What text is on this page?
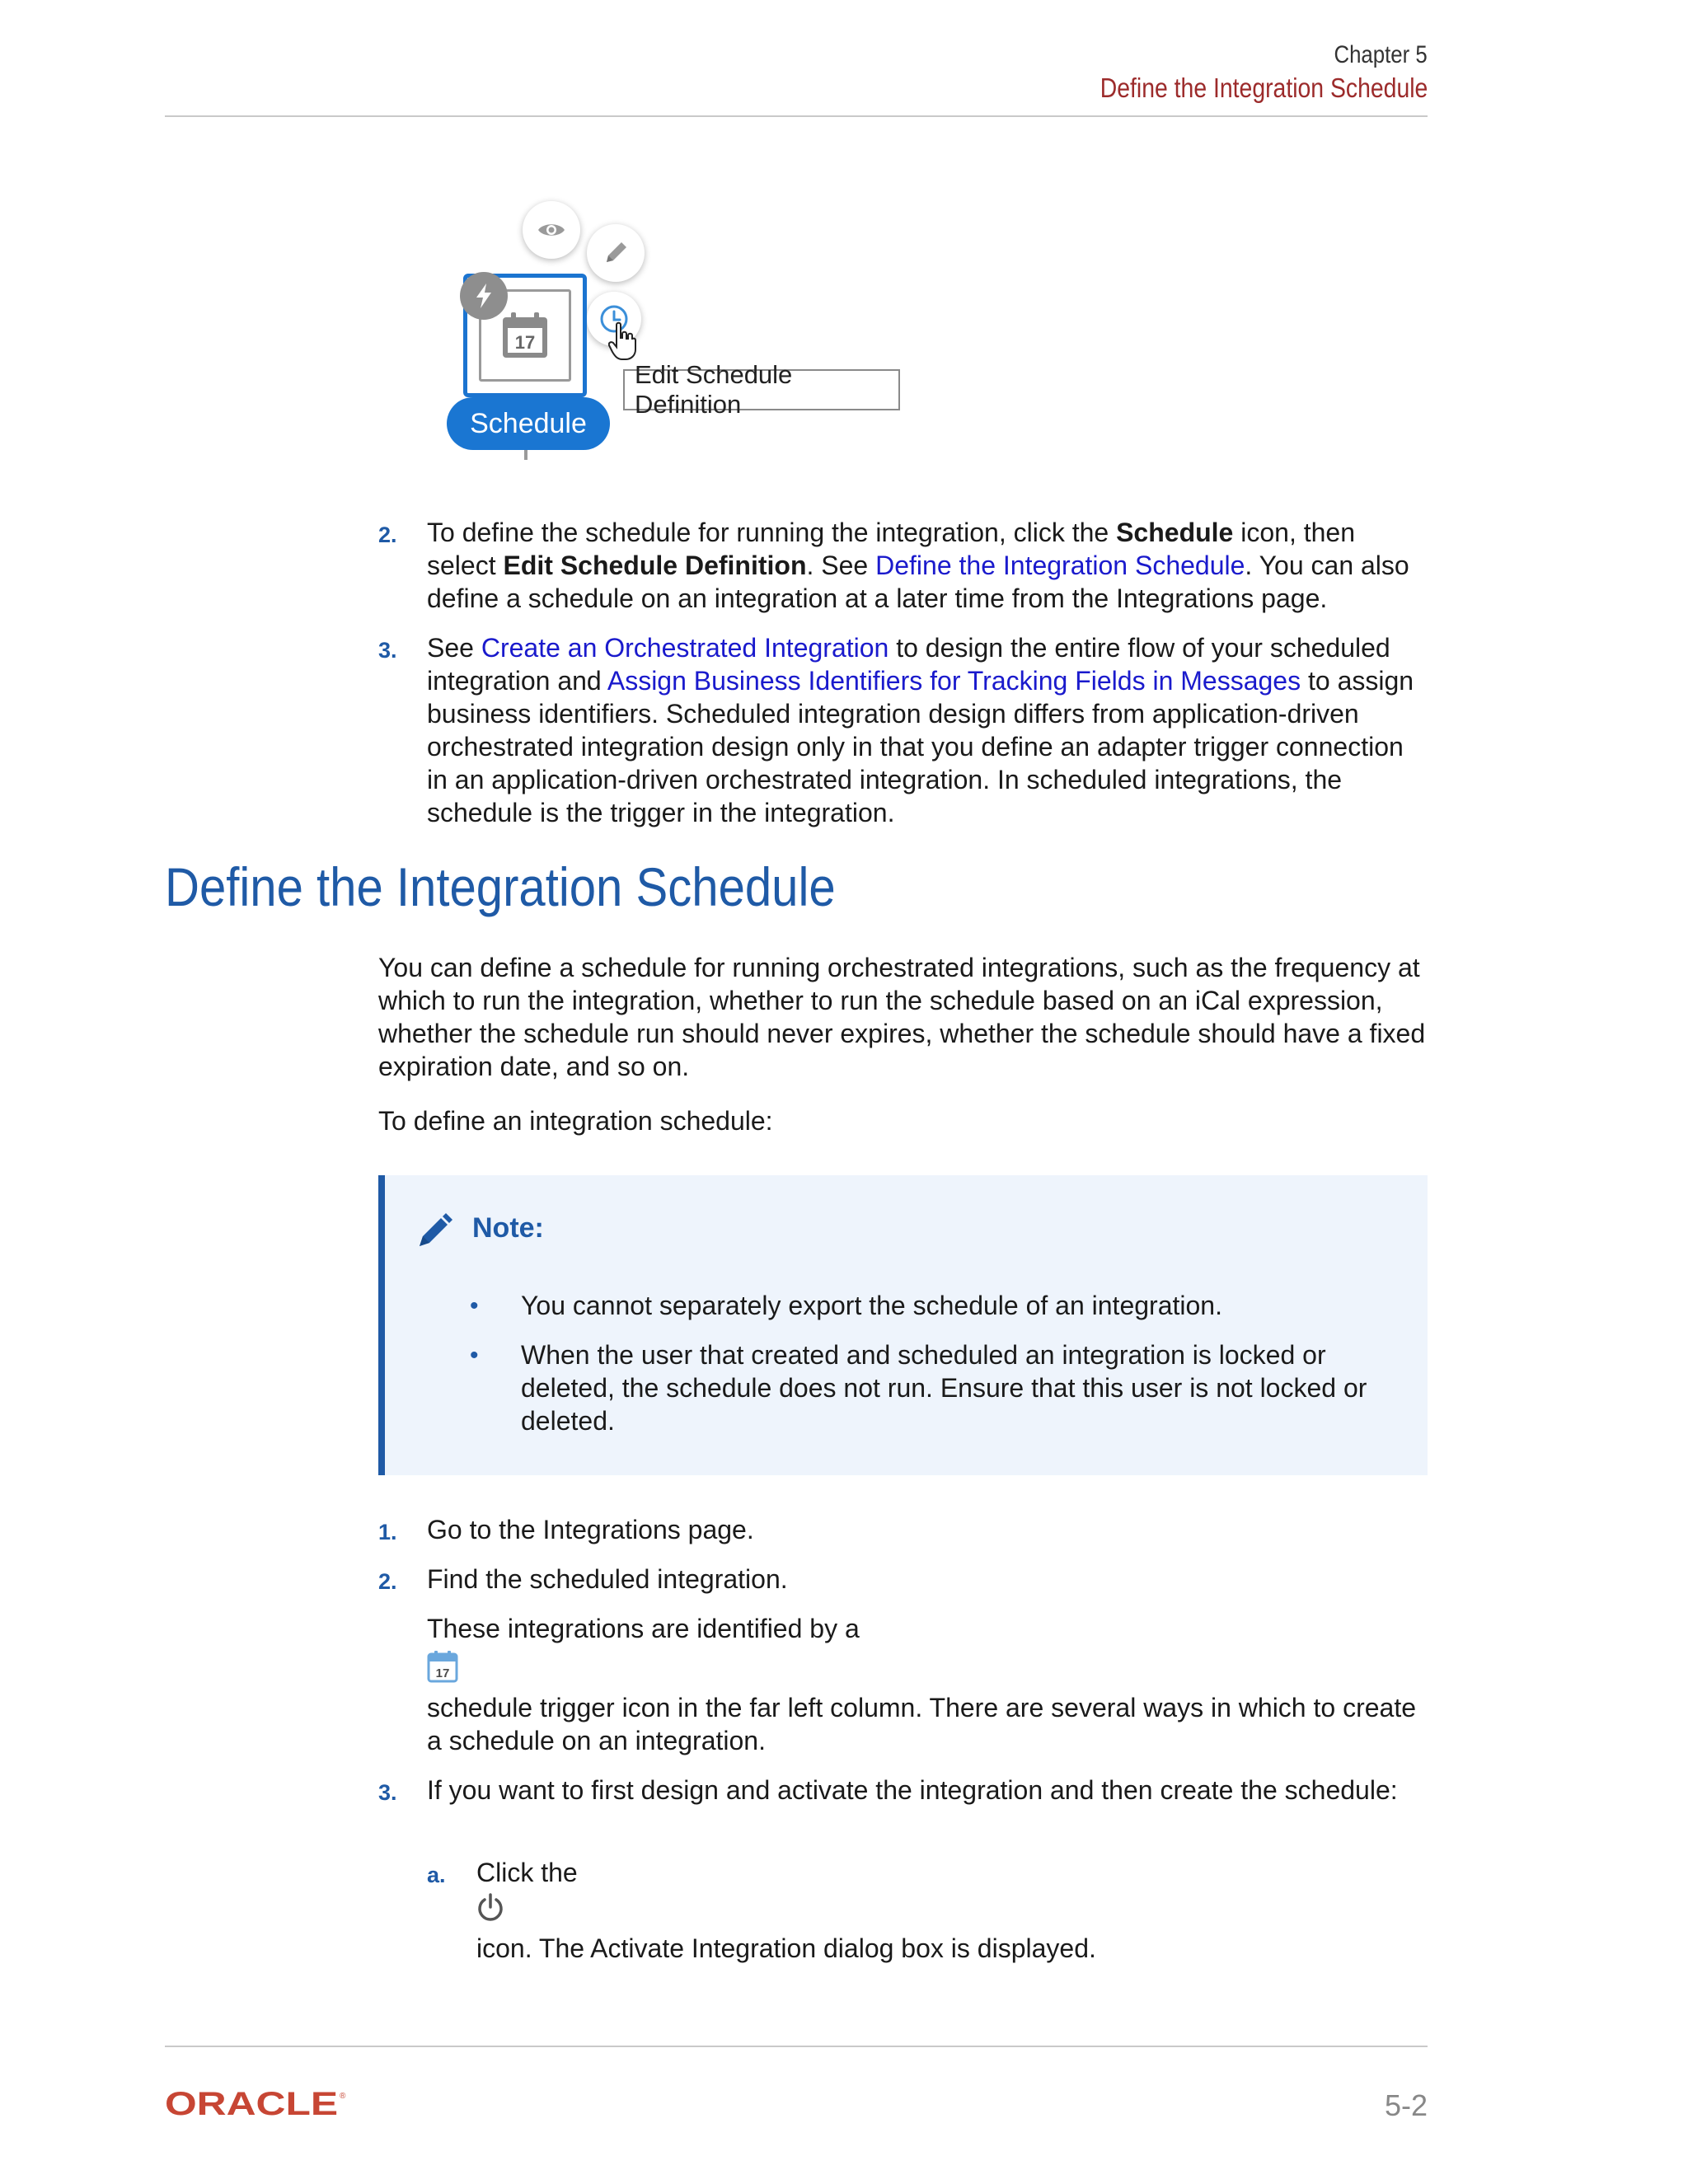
Chapter 5
Define the Integration Schedule
17
Schedule
Edit Schedule Definition
2. To define the schedule for running the integration, click the Schedule icon, then select Edit Schedule Definition. See Define the Integration Schedule. You can also define a schedule on an integration at a later time from the Integrations page.
3. See Create an Orchestrated Integration to design the entire flow of your scheduled integration and Assign Business Identifiers for Tracking Fields in Messages to assign business identifiers. Scheduled integration design differs from application-driven orchestrated integration design only in that you define an adapter trigger connection in an application-driven orchestrated integration. In scheduled integrations, the schedule is the trigger in the integration.
Define the Integration Schedule
You can define a schedule for running orchestrated integrations, such as the frequency at which to run the integration, whether to run the schedule based on an iCal expression, whether the schedule run should never expires, whether the schedule should have a fixed expiration date, and so on.
To define an integration schedule:
Note:
• You cannot separately export the schedule of an integration.
• When the user that created and scheduled an integration is locked or deleted, the schedule does not run. Ensure that this user is not locked or deleted.
1. Go to the Integrations page.
2. Find the scheduled integration.
These integrations are identified by a
17
schedule trigger icon in the far left column. There are several ways in which to create a schedule on an integration.
3. If you want to first design and activate the integration and then create the schedule:
a. Click the
icon. The Activate Integration dialog box is displayed.
ORACLE ®	5-2
